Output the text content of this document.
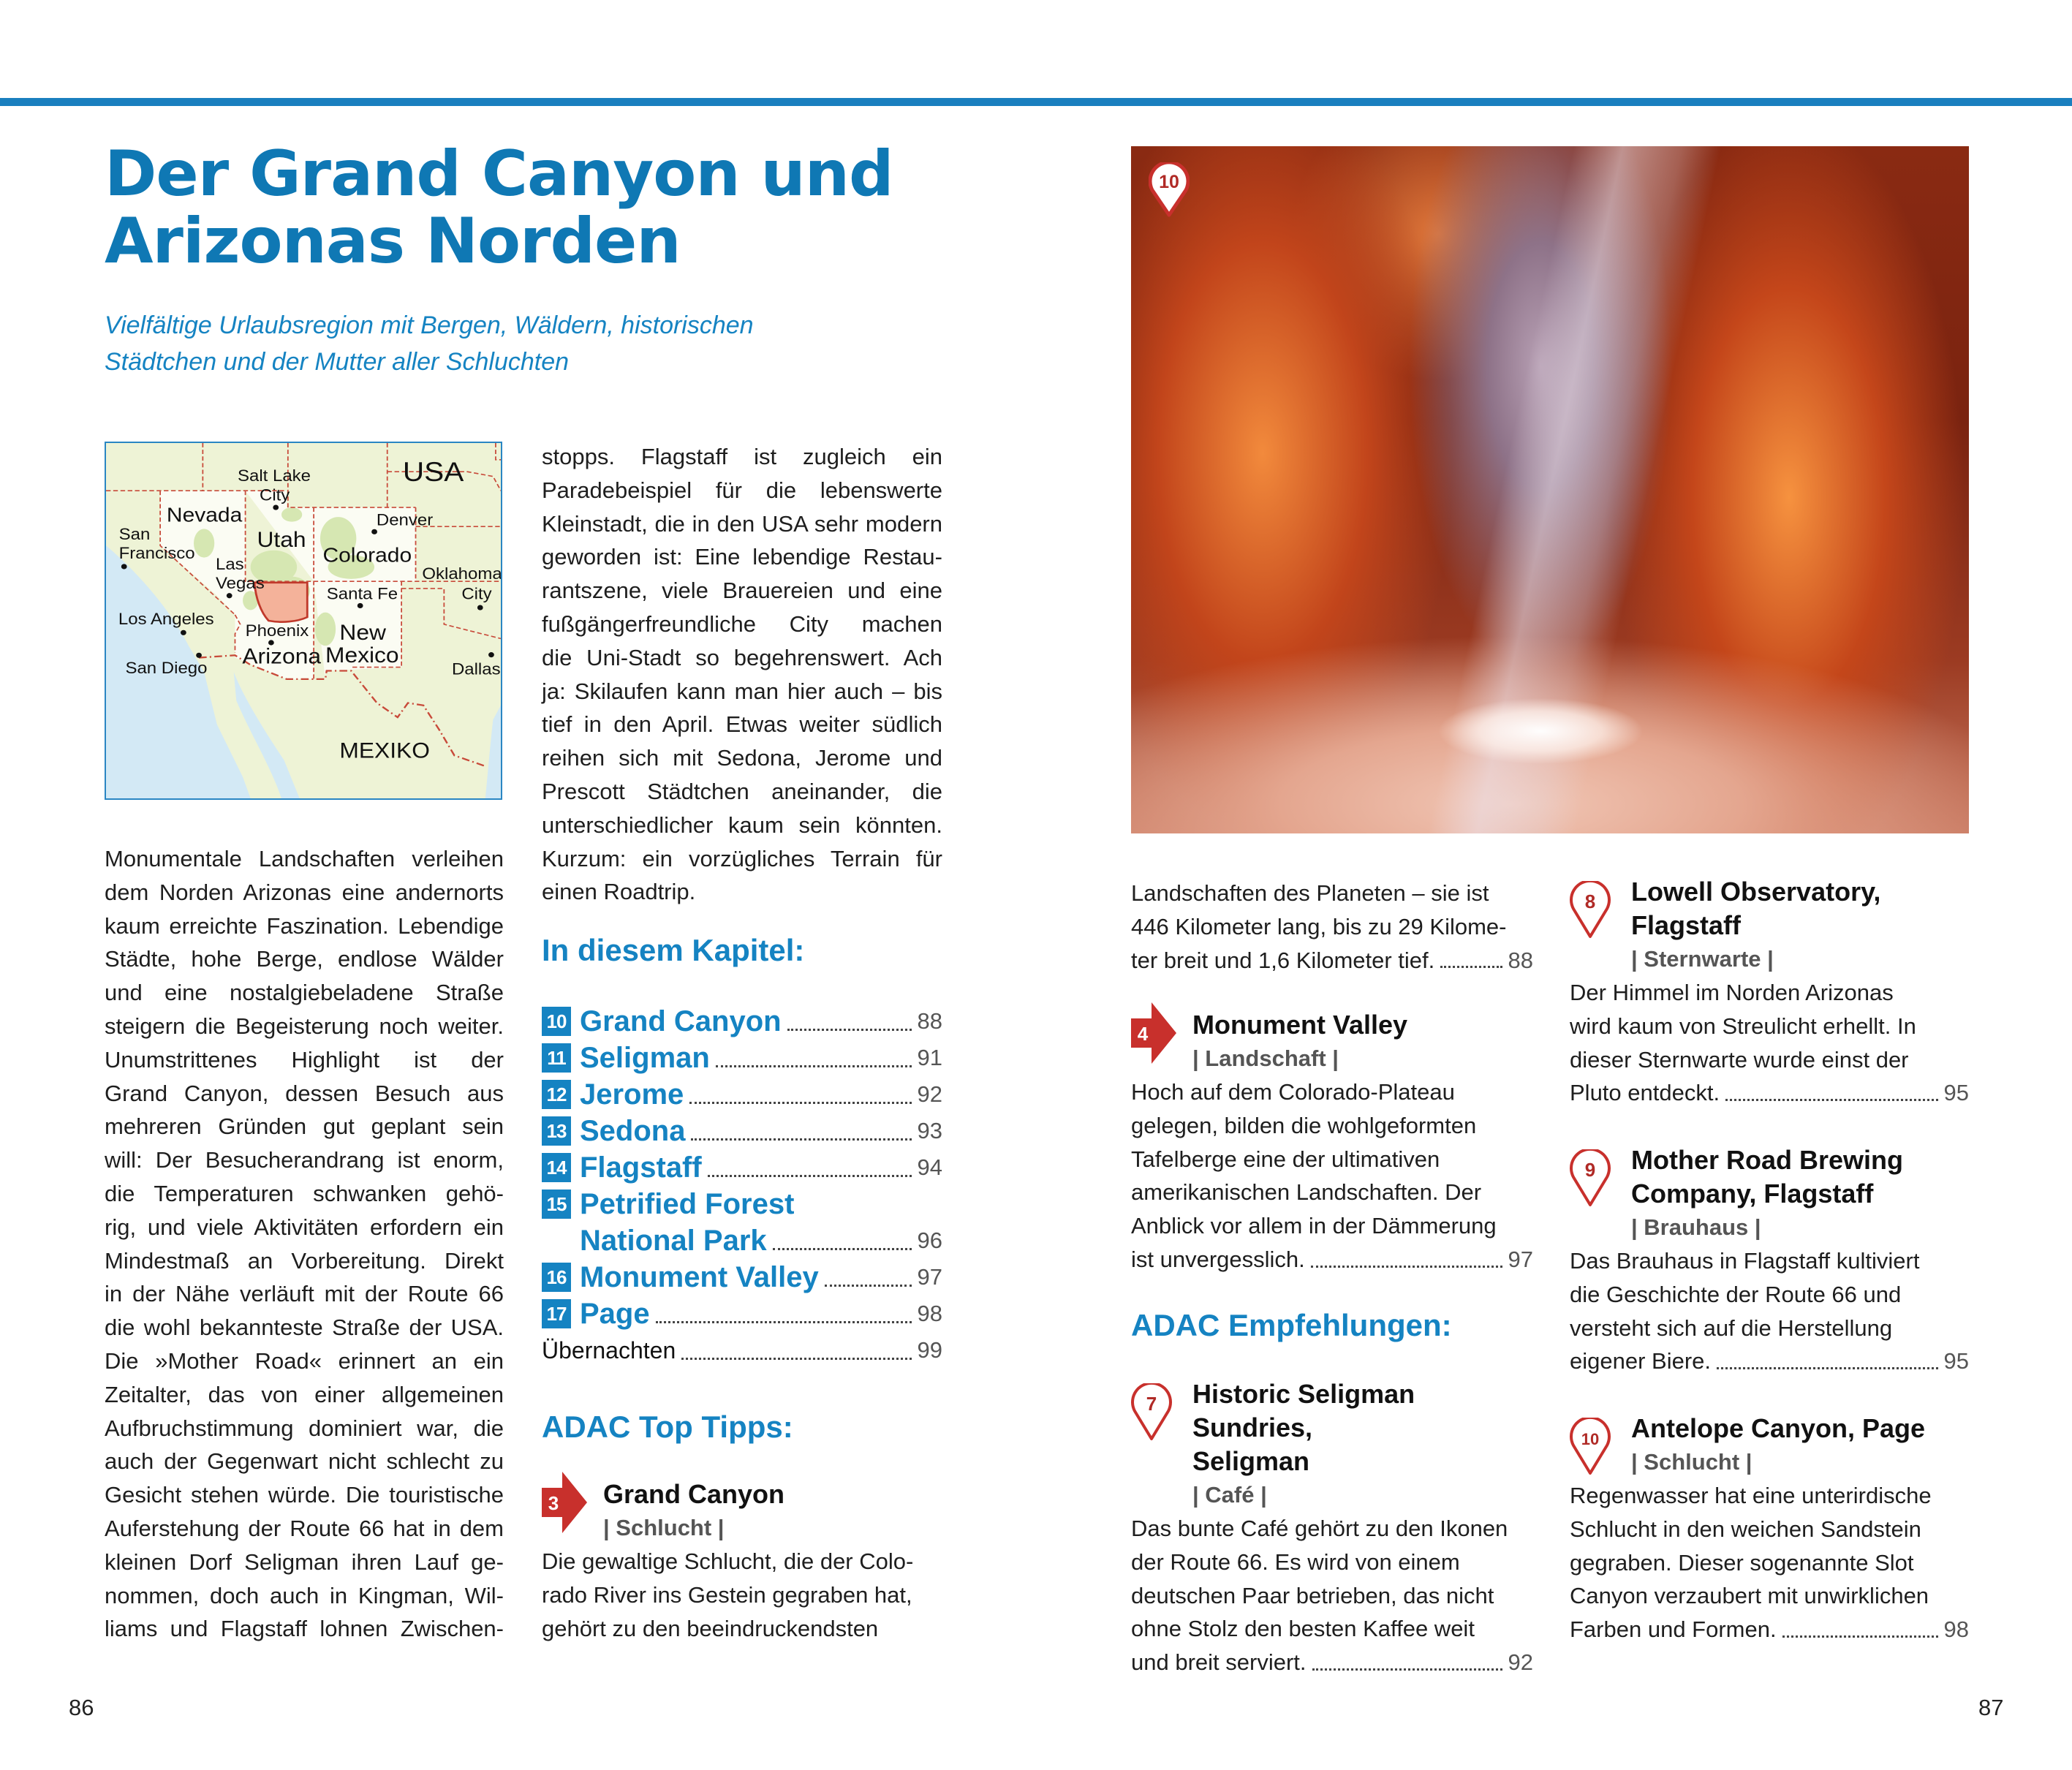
Der Grand Canyon und
Arizonas Norden
Vielfältige Urlaubsregion mit Bergen, Wäldern, historischen
Städtchen und der Mutter aller Schluchten
USA
Salt Lake
City
Nevada
San
Francisco
Utah
Las
Vegas
Denver
Colorado
Oklahoma
City
Santa Fe
Los Angeles
Phoenix New
Mexico
Arizona
San Diego	Dallas
MEXIKO
Monumentale Landschaften verleihen
dem Norden Arizonas eine andernorts
kaum erreichte Faszination. Lebendige
Städte, hohe Berge, endlose Wälder
und eine nostalgiebeladene Straße
steigern die Begeisterung noch weiter.
Unumstrittenes Highlight ist der
Grand Canyon, dessen Besuch aus
mehreren Gründen gut geplant sein
will: Der Besucherandrang ist enorm,
die Temperaturen schwanken gehö-
rig, und viele Aktivitäten erfordern ein
Mindestmaß an Vorbereitung. Direkt
in der Nähe verläuft mit der Route 66
die wohl bekannteste Straße der USA.
Die »Mother Road« erinnert an ein
Zeitalter, das von einer allgemeinen
Aufbruchstimmung dominiert war, die
auch der Gegenwart nicht schlecht zu
Gesicht stehen würde. Die touristische
Auferstehung der Route 66 hat in dem
kleinen Dorf Seligman ihren Lauf ge-
nommen, doch auch in Kingman, Wil-
liams und Flagstaff lohnen Zwischen-
stopps. Flagstaff ist zugleich ein
Paradebeispiel für die lebenswerte
Kleinstadt, die in den USA sehr modern
geworden ist: Eine lebendige Restau-
rantszene, viele Brauereien und eine
fußgängerfreundliche City machen
die Uni-Stadt so begehrenswert. Ach
ja: Skilaufen kann man hier auch – bis
tief in den April. Etwas weiter südlich
reihen sich mit Sedona, Jerome und
Prescott Städtchen aneinander, die
unterschiedlicher kaum sein könnten.
Kurzum: ein vorzügliches Terrain für
einen Roadtrip.
In diesem Kapitel:
10 Grand Canyon	88
11 Seligman	91
12 Jerome	92
13 Sedona	93
14 Flagstaff	94
15 Petrified Forest
National Park	96
16 Monument Valley	97
17 Page	98
Übernachten	99
ADAC Top Tipps:
3 Grand Canyon
| Schlucht |
Die gewaltige Schlucht, die der Colo-
rado River ins Gestein gegraben hat,
gehört zu den beeindruckendsten
Landschaften des Planeten – sie ist
446 Kilometer lang, bis zu 29 Kilome-
ter breit und 1,6 Kilometer tief.	88
4 Monument Valley
| Landschaft |
Hoch auf dem Colorado-Plateau
gelegen, bilden die wohlgeformten
Tafelberge eine der ultimativen
amerikanischen Landschaften. Der
Anblick vor allem in der Dämmerung
ist unvergesslich.	97
ADAC Empfehlungen:
7 Historic Seligman Sundries,
Seligman
| Café |
Das bunte Café gehört zu den Ikonen
der Route 66. Es wird von einem
deutschen Paar betrieben, das nicht
ohne Stolz den besten Kaffee weit
und breit serviert.	92
8 Lowell Observatory,
Flagstaff
| Sternwarte |
Der Himmel im Norden Arizonas
wird kaum von Streulicht erhellt. In
dieser Sternwarte wurde einst der
Pluto entdeckt.	95
9 Mother Road Brewing
Company, Flagstaff
| Brauhaus |
Das Brauhaus in Flagstaff kultiviert
die Geschichte der Route 66 und
versteht sich auf die Herstellung
eigener Biere.	95
10 Antelope Canyon, Page
| Schlucht |
Regenwasser hat eine unterirdische
Schlucht in den weichen Sandstein
gegraben. Dieser sogenannte Slot
Canyon verzaubert mit unwirklichen
Farben und Formen.	98
10
86	87
